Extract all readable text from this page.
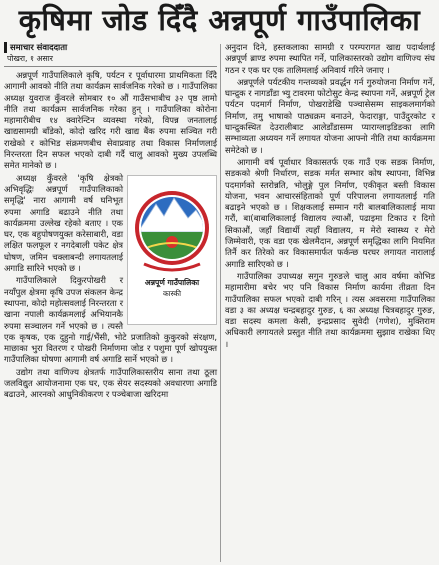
कृषिमा जोड दिँदै अन्नपूर्ण गाउँपालिका
समाचार संवाददाता
पोखरा, १ असार

अन्नपूर्ण गाउँपालिकाले कृषि, पर्यटन र पूर्वाधारमा प्राथमिकता दिँदै आगामी आवको नीति तथा कार्यक्रम सार्वजनिक गरेको छ । गाउँपालिका अध्यक्ष युवराज कुँवरले सोमबार १० औं गाउँसभाबीच ३२ पृष्ठ लामो नीति तथा कार्यक्रम सार्वजनिक गरेका हुन् । गाउँपालिका कोरोना महामारीबीच १४ क्वारेन्टिन व्यवस्था गरेको, विपन्न जनतालाई खाद्यसामग्री बाँडेको, कोदो खरिद गरी खाद्य बैंक रुपमा सञ्चित गरी राखेको र कोभिड संक्रमणबीच सेवाप्रवाह तथा विकास निर्माणलाई निरन्तरता दिन सफल भएको दाबी गर्दै चालु आवको मुख्य उपलब्धि समेत मानेको छ ।

अन्नपूर्ण गाउँपालिका
कास्की

अध्यक्ष कुँवरले 'कृषि क्षेत्रको अभिवृद्धिः अन्नपूर्ण गाउँपालिकाको समृद्धि' नारा आगामी वर्ष घनिभूत रुपमा अगाडि बढाउने नीति तथा कार्यक्रममा उल्लेख रहेको बताए । एक घर, एक बहुपोषणयुक्त करेसाबारी, वडा लक्षित फलफूल र नगदेबाली पकेट क्षेत्र घोषण, जमिन चक्लाबन्दी लगायतलाई अगाडि सारिने भएको छ ।

गाउँपालिकाले दिकुरपोखरी र नयाँपुल क्षेत्रमा कृषि उपज संकलन केन्द्र स्थापना, कोदो महोत्सवलाई निरन्तरता र खाना नपाली कार्यक्रमलाई अभियानकै रुपमा सञ्चालन गर्ने भएको छ । त्यस्तै एक कृषक, एक दुहुनो गाई/भैंसी, भोटे प्रजातिको कुकुरको संरक्षण, माछाका भुरा वितरण र पोखरी निर्माणमा जोड र पशुमा पूर्ण खोपयुक्त गाउँपालिका घोषणा आगामी वर्ष अगाडि सार्ने भएको छ ।

उद्योग तथा वाणिज्य क्षेत्रतर्फ गाउँपालिकास्तरीय साना तथा ठूला जलविद्युत आयोजनामा एक घर, एक सेयर सदस्यको अवधारणा अगाडि बढाउने, आरनको आधुनिकीकरण र पञ्चेबाजा खरिदमा

अनुदान दिने, हस्तकलाका सामग्री र परम्परागत खाद्य पदार्थलाई अन्नपूर्ण ब्राण्ड रुपमा स्थापित गर्ने, पालिकास्तरको उद्योग वाणिज्य संघ गठन र एक घर एक तालिमलाई अनिवार्य गरिने जनाए ।

अन्नपूर्णले पर्यटकीय गन्तव्यको प्रवर्द्धन गर्न गुरुयोजना निर्माण गर्ने, घान्द्रुक र नागडाँडा भ्यु टावरमा फोटोसुट केन्द्र स्थापना गर्ने, अन्नपूर्ण ट्रेल पर्यटन पदमार्ग निर्माण, पोखराडेखि पञ्चासेसम्म साइकलमार्गको निर्माण, तमु भाषाको पाठ्यक्रम बनाउने, फेदाराङ्गा, पाउँदुरकोट र घान्द्रुकस्थित देउरालीबाट आलेडाँडासम्म प्याराग्लाइडिङका लागि सम्भाव्यता अध्ययन गर्ने लगायत योजना आफ्नो नीति तथा कार्यक्रममा समेटेको छ ।

आगामी वर्ष पूर्वाधार विकासतर्फ एक गाउँ एक सडक निर्माण, सडकको श्रेणी निर्धारण, सडक मर्मत सम्भार कोष स्थापना, विभिन्न पदमार्गको स्तरोन्नति, भोलुङ्गे पुल निर्माण, एकीकृत बस्ती विकास योजना, भवन आचारसंहिताको पूर्ण परिपालना लगायतलाई गति बढाइने भएको छ । शिक्षकलाई सम्मान गरी बालबालिकालाई माया गरौं, बा(बाबालिकालाई विद्यालय ल्याऔं, पढाइमा टिकाउ र दिगो सिकाऔं, जहाँ विद्यार्थी त्यहाँ विद्यालय, म मेरो स्वास्थ्य र मेरो जिम्मेवारी, एक वडा एक खेलमैदान, अन्नपूर्ण समृद्धिका लागि नियमित तिर्नै कर तिरेको कर विकासमार्फत फर्कन्छ घरघर लगायत नारालाई अगाडि सारिएको छ ।

गाउँपालिका उपाध्यक्ष सगुन गुरुङले चालु आव वर्षमा कोभिड महामारीमा बचेर भए पनि विकास निर्माण कार्यमा तीव्रता दिन गाउँपालिका सफल भएको दाबी गरिन् । त्यस अवसरमा गाउँपालिका वडा ३ का अध्यक्ष चन्द्रबहादुर गुरुङ, ६ का अध्यक्ष चित्रबहादुर गुरुङ, वडा सदस्य कमला केसी, इन्द्रप्रसाद सुवेदी (गणेश), मुक्तिराम अधिकारी लगायतले प्रस्तुत नीति तथा कार्यक्रममा सुझाव राखेका थिए ।
